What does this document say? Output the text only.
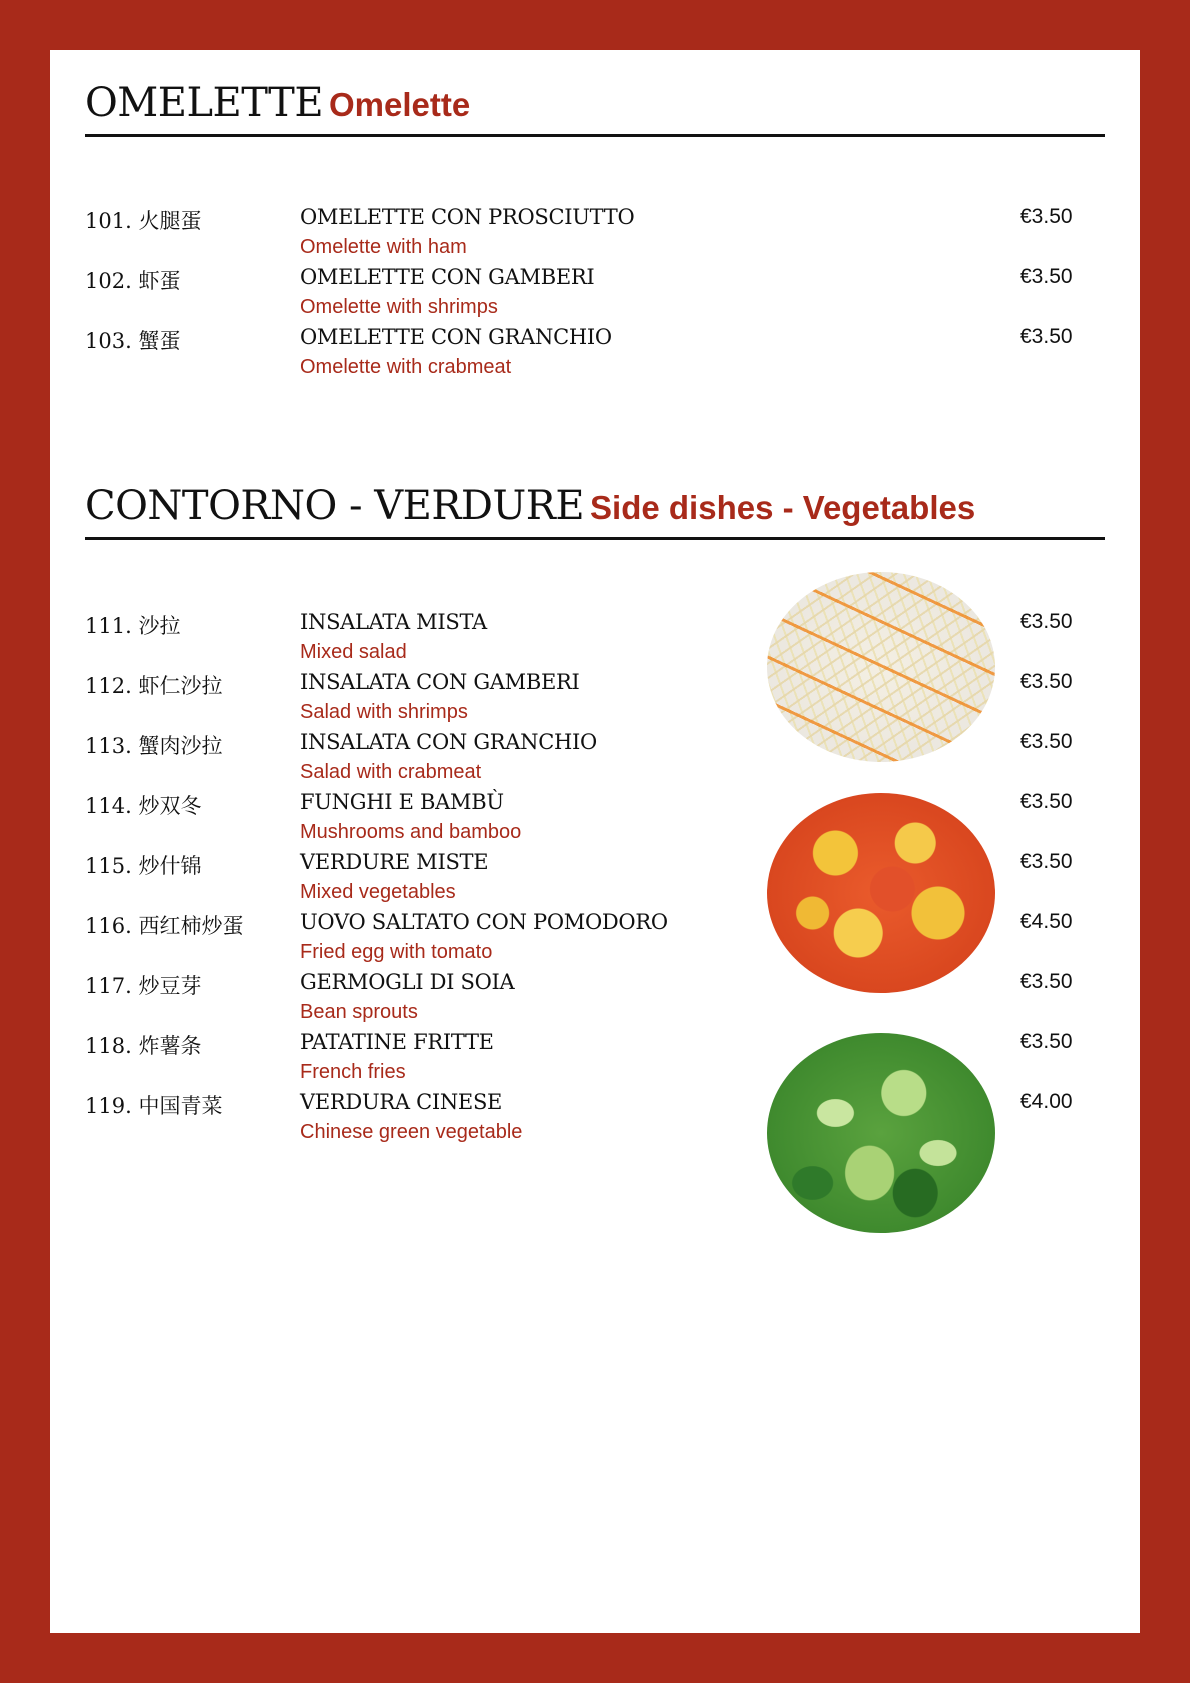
OMELETTE Omelette
101. 火腿蛋	OMELETTE CON PROSCIUTTO
Omelette with ham
€3.50
102. 虾蛋	OMELETTE CON GAMBERI
Omelette with shrimps
€3.50
103. 蟹蛋	OMELETTE CON GRANCHIO
Omelette with crabmeat
€3.50
CONTORNO - VERDURE Side dishes - Vegetables
111. 沙拉	INSALATA MISTA
Mixed salad
€3.50
112. 虾仁沙拉	INSALATA CON GAMBERI
Salad with shrimps
€3.50
113. 蟹肉沙拉	INSALATA CON GRANCHIO
Salad with crabmeat
€3.50
114. 炒双冬	FUNGHI E BAMBÙ
Mushrooms and bamboo
€3.50
115. 炒什锦	VERDURE MISTE
Mixed vegetables
€3.50
116. 西红柿炒蛋	UOVO SALTATO CON POMODORO
Fried egg with tomato
€4.50
117. 炒豆芽	GERMOGLI DI SOIA
Bean sprouts
€3.50
118. 炸薯条	PATATINE FRITTE
French fries
€3.50
119. 中国青菜	VERDURA CINESE
Chinese green vegetable
€4.00
